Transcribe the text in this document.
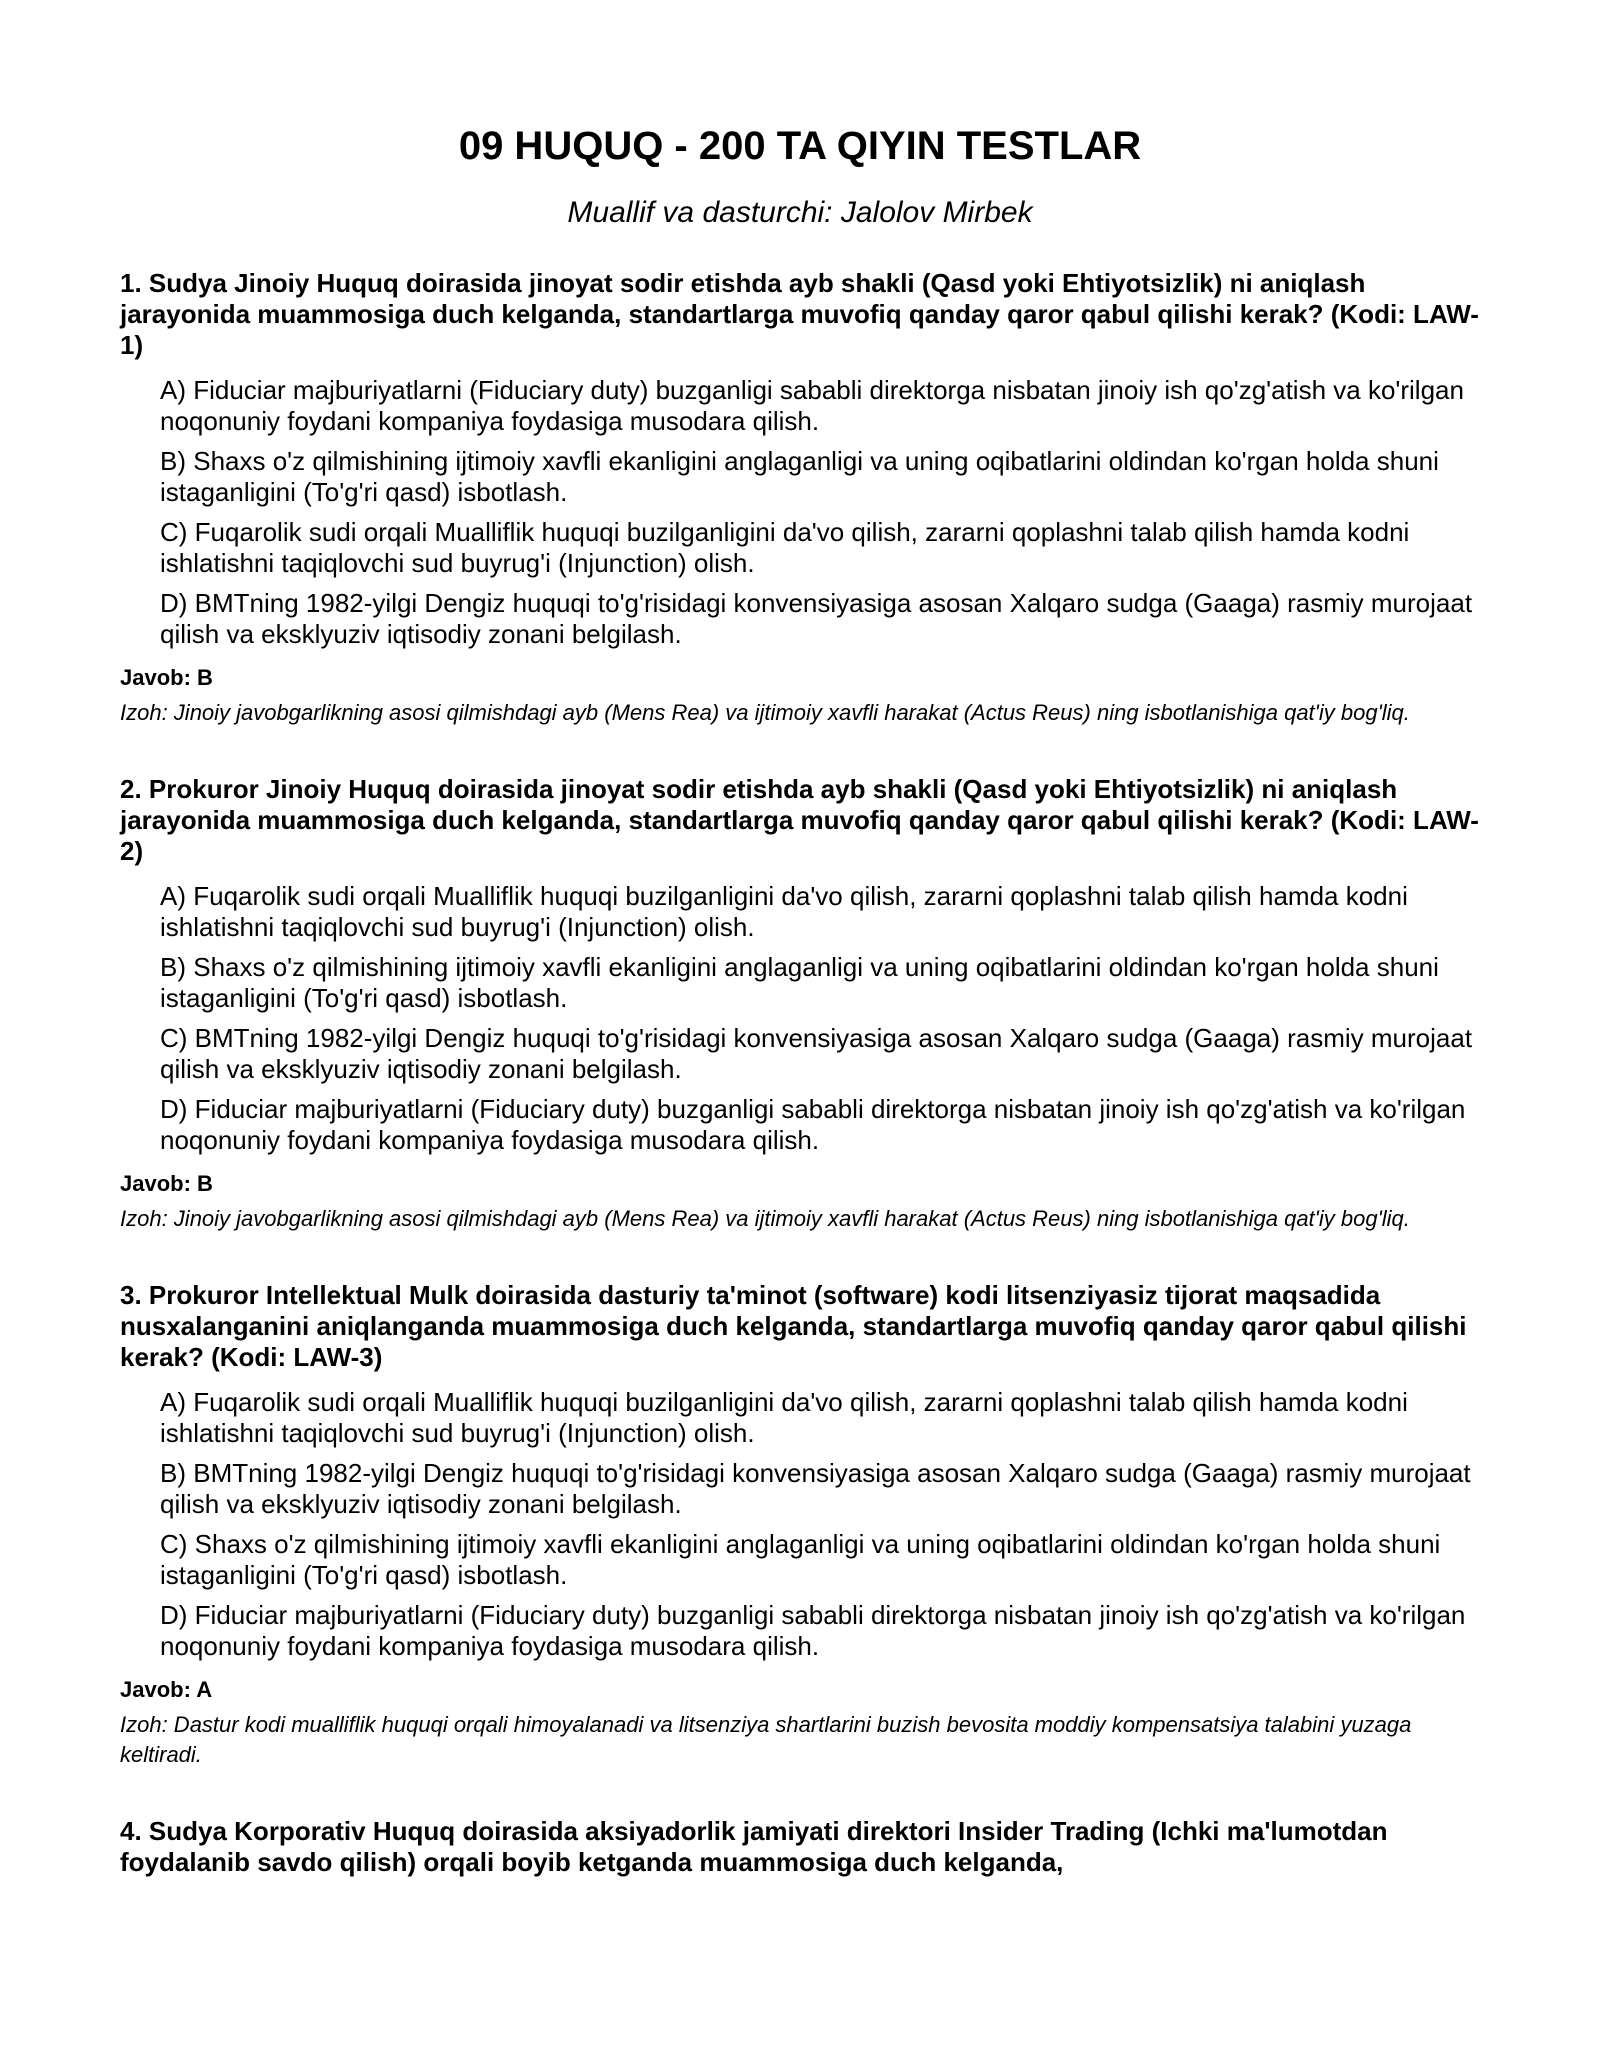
09 HUQUQ - 200 TA QIYIN TESTLAR

Muallif va dasturchi: Jalolov Mirbek

1. Sudya Jinoiy Huquq doirasida jinoyat sodir etishda ayb shakli (Qasd yoki Ehtiyotsizlik) ni aniqlash jarayonida muammosiga duch kelganda, standartlarga muvofiq qanday qaror qabul qilishi kerak? (Kodi: LAW-1)

A) Fiduciar majburiyatlarni (Fiduciary duty) buzganligi sababli direktorga nisbatan jinoiy ish qo'zg'atish va ko'rilgan noqonuniy foydani kompaniya foydasiga musodara qilish.
B) Shaxs o'z qilmishining ijtimoiy xavfli ekanligini anglaganligi va uning oqibatlarini oldindan ko'rgan holda shuni istaganligini (To'g'ri qasd) isbotlash.
C) Fuqarolik sudi orqali Mualliflik huquqi buzilganligini da'vo qilish, zararni qoplashni talab qilish hamda kodni ishlatishni taqiqlovchi sud buyrug'i (Injunction) olish.
D) BMTning 1982-yilgi Dengiz huquqi to'g'risidagi konvensiyasiga asosan Xalqaro sudga (Gaaga) rasmiy murojaat qilish va eksklyuziv iqtisodiy zonani belgilash.

Javob: B

Izoh: Jinoiy javobgarlikning asosi qilmishdagi ayb (Mens Rea) va ijtimoiy xavfli harakat (Actus Reus) ning isbotlanishiga qat'iy bog'liq.

2. Prokuror Jinoiy Huquq doirasida jinoyat sodir etishda ayb shakli (Qasd yoki Ehtiyotsizlik) ni aniqlash jarayonida muammosiga duch kelganda, standartlarga muvofiq qanday qaror qabul qilishi kerak? (Kodi: LAW-2)

A) Fuqarolik sudi orqali Mualliflik huquqi buzilganligini da'vo qilish, zararni qoplashni talab qilish hamda kodni ishlatishni taqiqlovchi sud buyrug'i (Injunction) olish.
B) Shaxs o'z qilmishining ijtimoiy xavfli ekanligini anglaganligi va uning oqibatlarini oldindan ko'rgan holda shuni istaganligini (To'g'ri qasd) isbotlash.
C) BMTning 1982-yilgi Dengiz huquqi to'g'risidagi konvensiyasiga asosan Xalqaro sudga (Gaaga) rasmiy murojaat qilish va eksklyuziv iqtisodiy zonani belgilash.
D) Fiduciar majburiyatlarni (Fiduciary duty) buzganligi sababli direktorga nisbatan jinoiy ish qo'zg'atish va ko'rilgan noqonuniy foydani kompaniya foydasiga musodara qilish.

Javob: B

Izoh: Jinoiy javobgarlikning asosi qilmishdagi ayb (Mens Rea) va ijtimoiy xavfli harakat (Actus Reus) ning isbotlanishiga qat'iy bog'liq.

3. Prokuror Intellektual Mulk doirasida dasturiy ta'minot (software) kodi litsenziyasiz tijorat maqsadida nusxalanganini aniqlanganda muammosiga duch kelganda, standartlarga muvofiq qanday qaror qabul qilishi kerak? (Kodi: LAW-3)

A) Fuqarolik sudi orqali Mualliflik huquqi buzilganligini da'vo qilish, zararni qoplashni talab qilish hamda kodni ishlatishni taqiqlovchi sud buyrug'i (Injunction) olish.
B) BMTning 1982-yilgi Dengiz huquqi to'g'risidagi konvensiyasiga asosan Xalqaro sudga (Gaaga) rasmiy murojaat qilish va eksklyuziv iqtisodiy zonani belgilash.
C) Shaxs o'z qilmishining ijtimoiy xavfli ekanligini anglaganligi va uning oqibatlarini oldindan ko'rgan holda shuni istaganligini (To'g'ri qasd) isbotlash.
D) Fiduciar majburiyatlarni (Fiduciary duty) buzganligi sababli direktorga nisbatan jinoiy ish qo'zg'atish va ko'rilgan noqonuniy foydani kompaniya foydasiga musodara qilish.

Javob: A

Izoh: Dastur kodi mualliflik huquqi orqali himoyalanadi va litsenziya shartlarini buzish bevosita moddiy kompensatsiya talabini yuzaga keltiradi.

4. Sudya Korporativ Huquq doirasida aksiyadorlik jamiyati direktori Insider Trading (Ichki ma'lumotdan foydalanib savdo qilish) orqali boyib ketganda muammosiga duch kelganda,
